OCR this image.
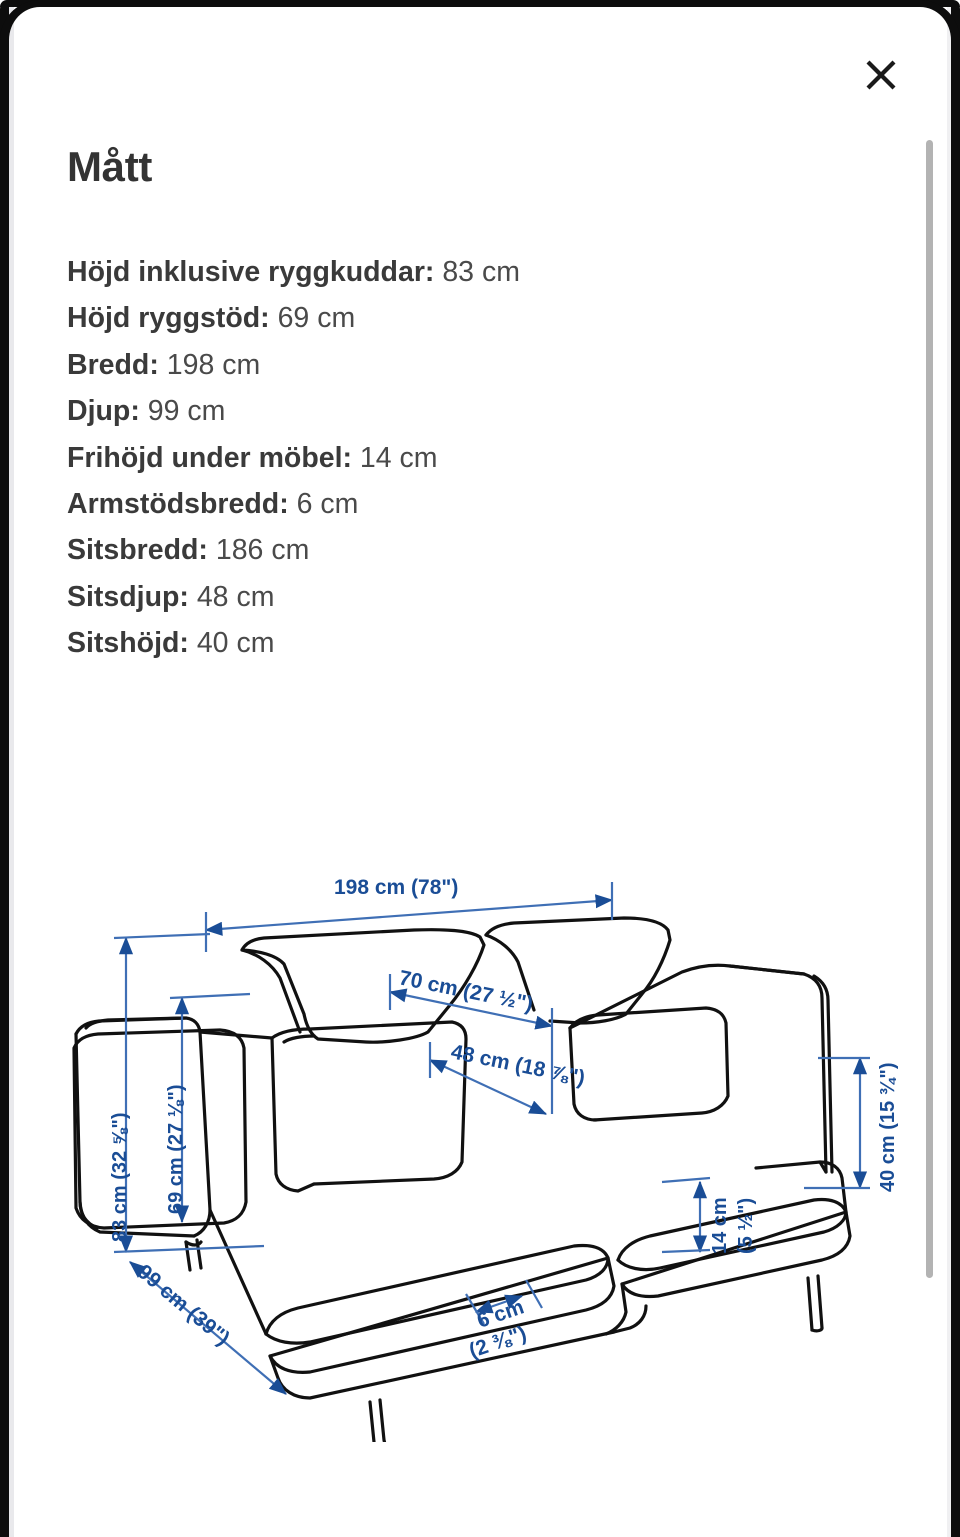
Mått
Höjd inklusive ryggkuddar: 83 cm
Höjd ryggstöd: 69 cm
Bredd: 198 cm
Djup: 99 cm
Frihöjd under möbel: 14 cm
Armstödsbredd: 6 cm
Sitsbredd: 186 cm
Sitsdjup: 48 cm
Sitshöjd: 40 cm
198 cm (78")
83 cm (32 ⅝") 69 cm (27 ⅛")
70 cm (27 ½")
48 cm (18 ⅞")	40 cm (15 ¾")
14 cm (5 ½")
99 cm (39")	6 cm
(2 ⅜")
